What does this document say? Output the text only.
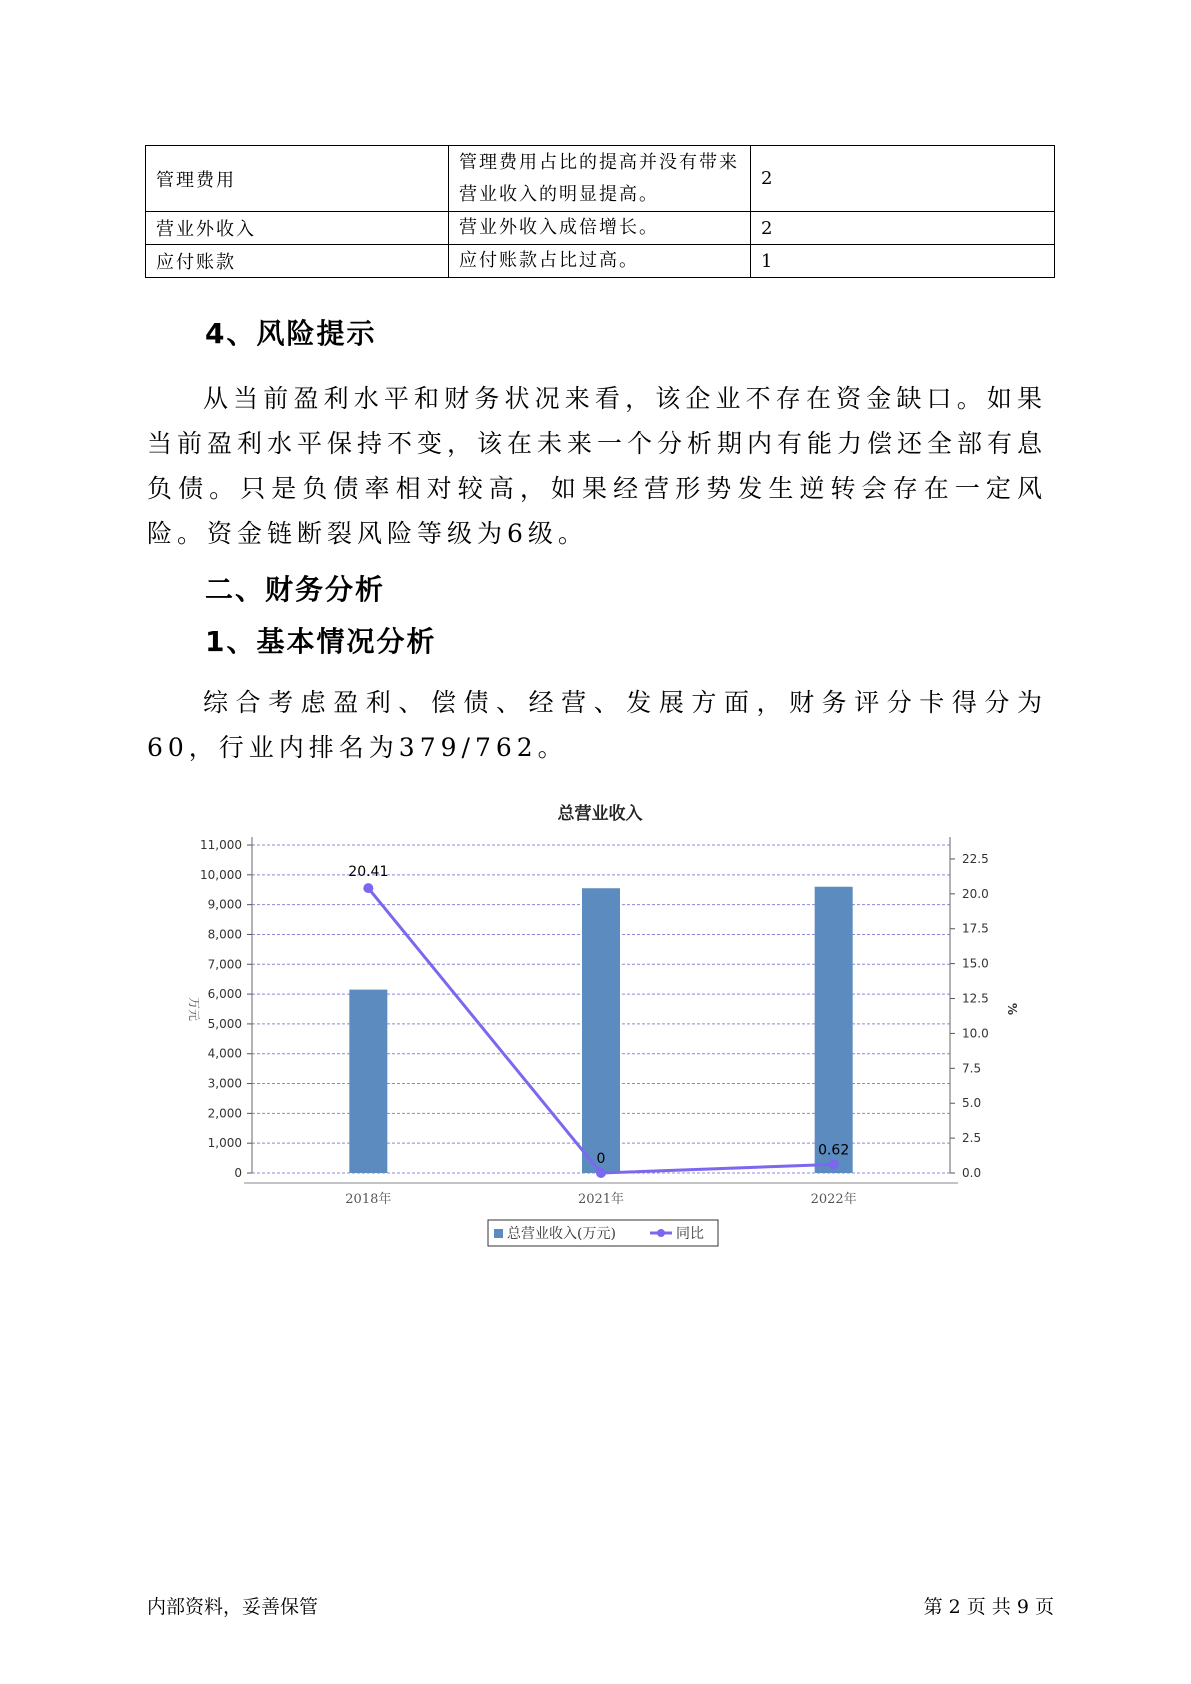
管理费用	管理费用占比的提高并没有带来营业收入的明显提高。	2
营业外收入	营业外收入成倍增长。	2
应付账款	应付账款占比过高。	1
4、风险提示

从当前盈利水平和财务状况来看，该企业不存在资金缺口。如果当前盈利水平保持不变，该在未来一个分析期内有能力偿还全部有息负债。只是负债率相对较高，如果经营形势发生逆转会存在一定风险。资金链断裂风险等级为6级。

二、财务分析
1、基本情况分析

综合考虑盈利、偿债、经营、发展方面，财务评分卡得分为60，行业内排名为379/762。

总营业收入
0
1,000
2,000
3,000
4,000
5,000
6,000
7,000
8,000
9,000
10,000
11,000
0.0
2.5
5.0
7.5
10.0
12.5
15.0
17.5
20.0
22.5
万元	%
2018年	2021年	2022年
20.41
0
0.62
总营业收入(万元)	同比
内部资料，妥善保管	第 2 页 共 9 页
